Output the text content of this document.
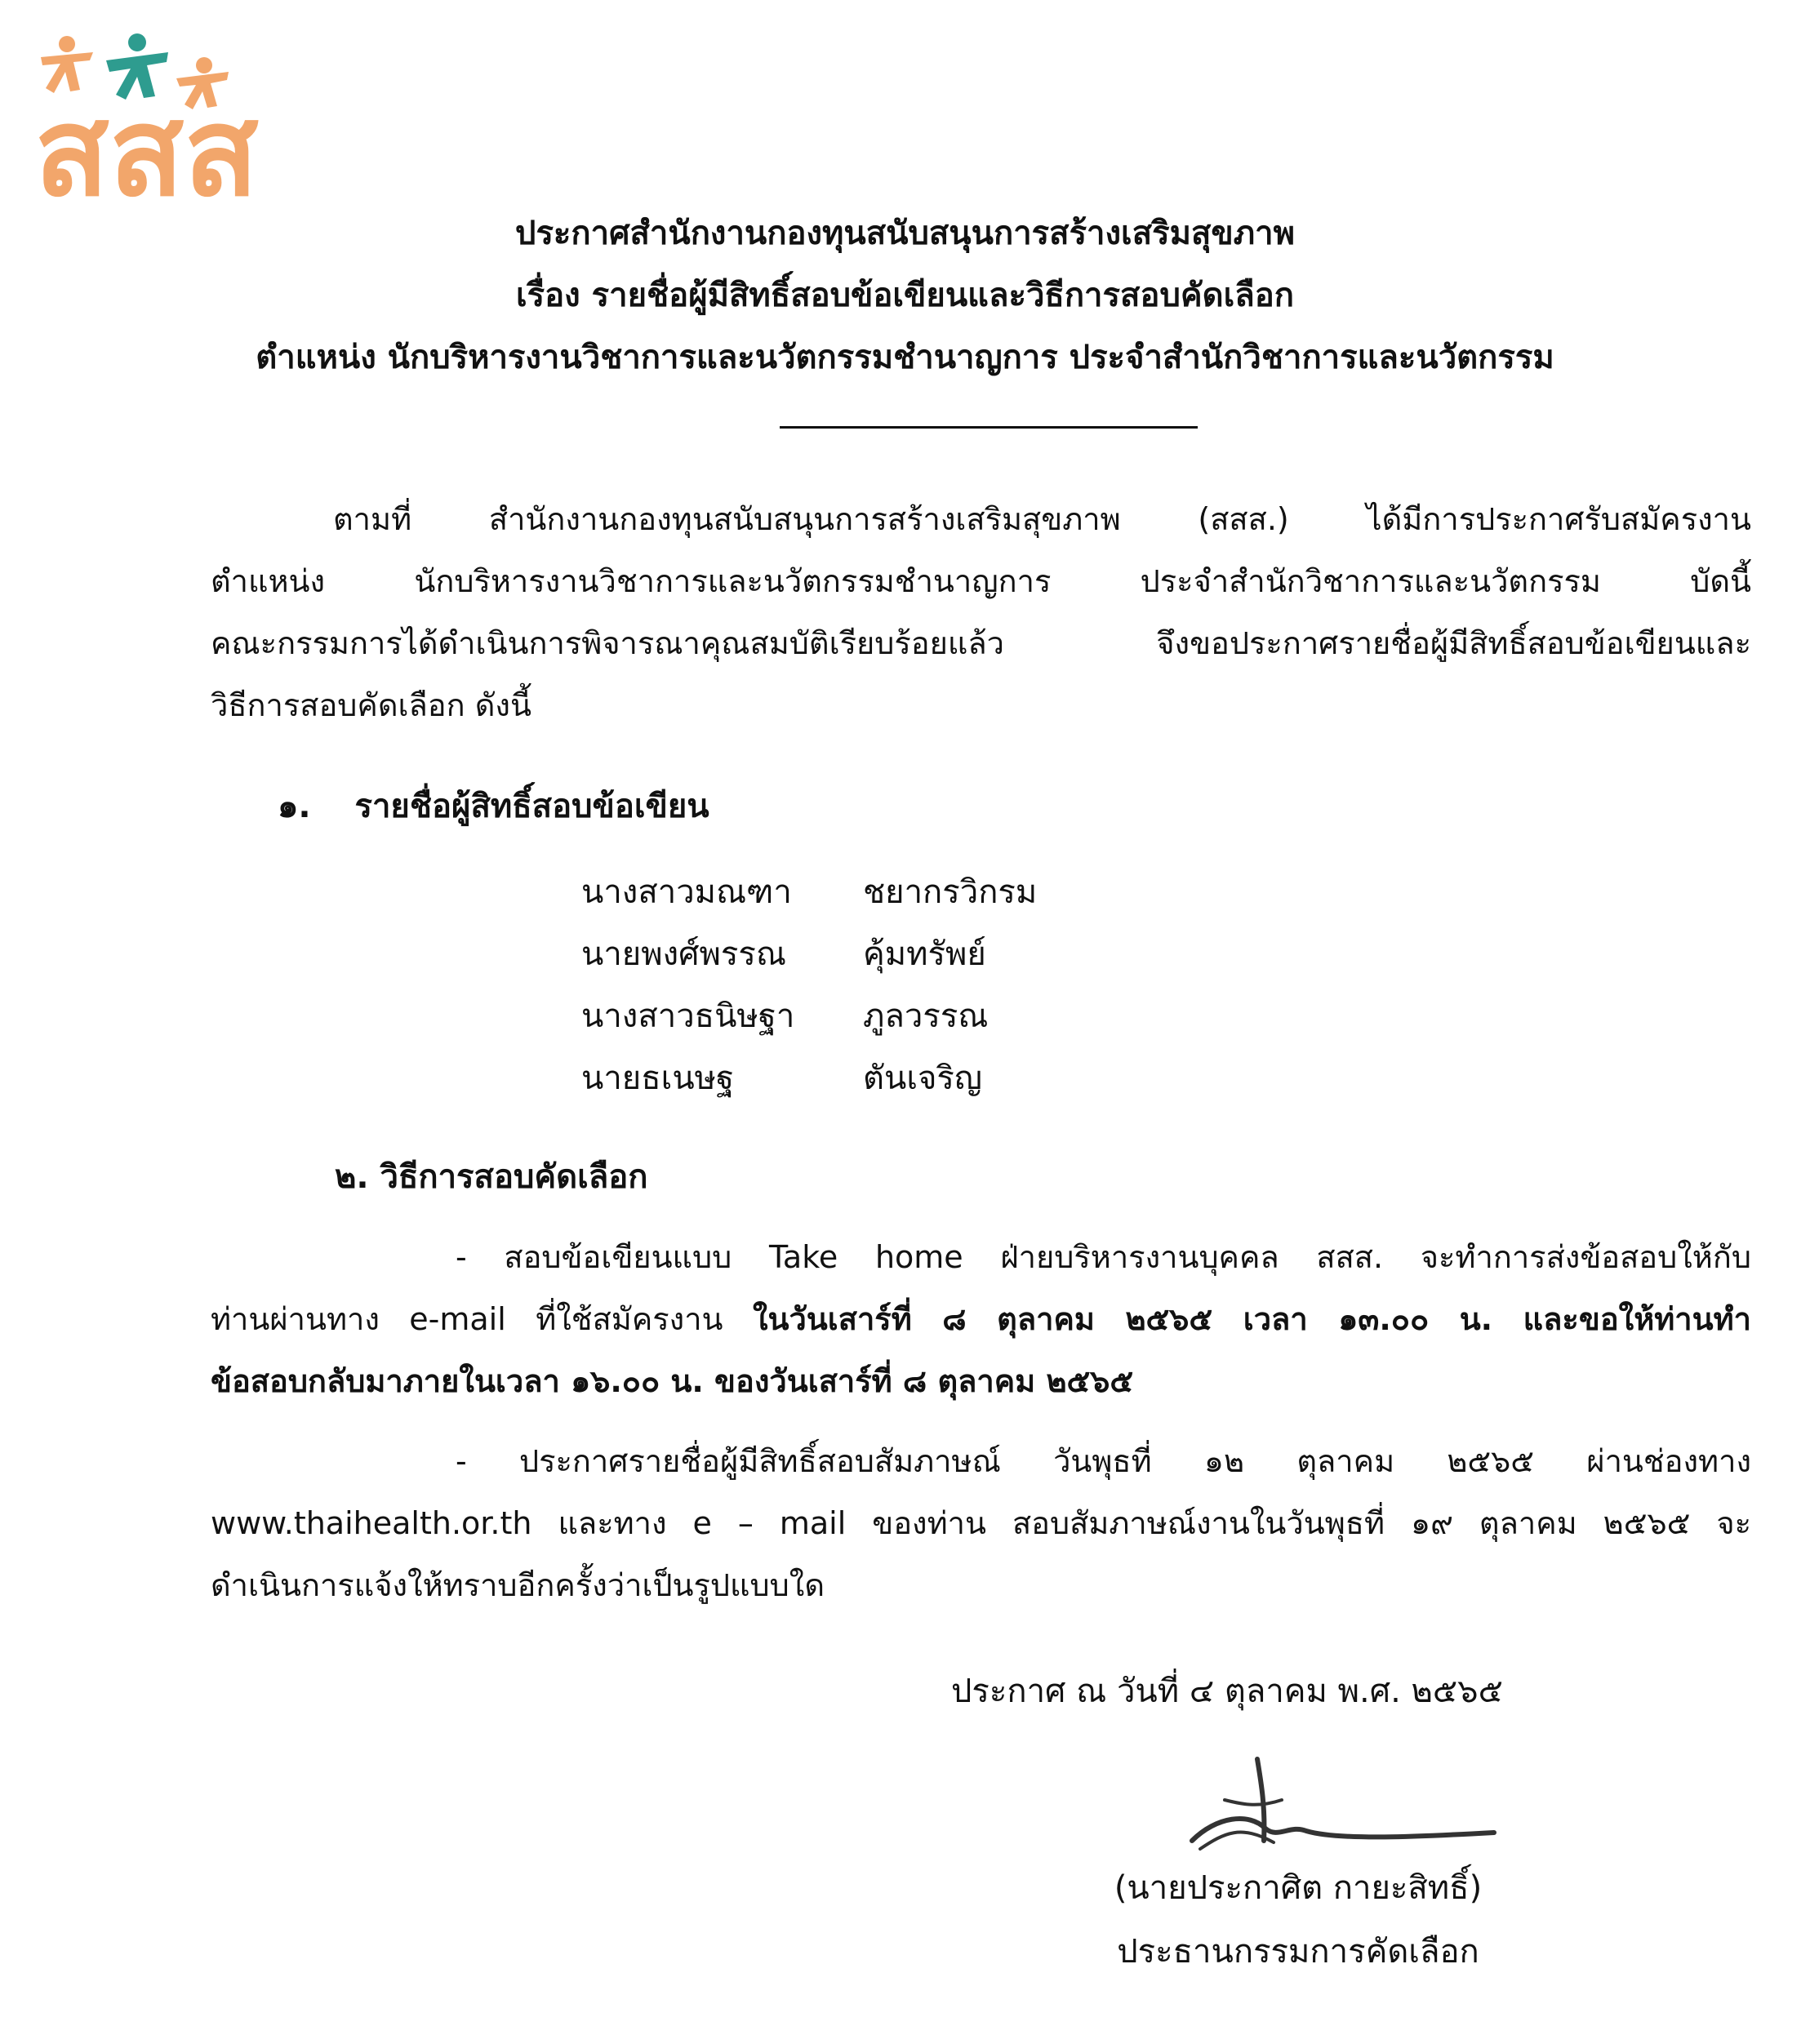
สสส
ประกาศสำนักงานกองทุนสนับสนุนการสร้างเสริมสุขภาพ
เรื่อง รายชื่อผู้มีสิทธิ์สอบข้อเขียนและวิธีการสอบคัดเลือก
ตำแหน่ง นักบริหารงานวิชาการและนวัตกรรมชำนาญการ ประจำสำนักวิชาการและนวัตกรรม
ตามที่ สำนักงานกองทุนสนับสนุนการสร้างเสริมสุขภาพ (สสส.) ได้มีการประกาศรับสมัครงาน
ตำแหน่ง นักบริหารงานวิชาการและนวัตกรรมชำนาญการ ประจำสำนักวิชาการและนวัตกรรม บัดนี้
คณะกรรมการได้ดำเนินการพิจารณาคุณสมบัติเรียบร้อยแล้ว จึงขอประกาศรายชื่อผู้มีสิทธิ์สอบข้อเขียนและ
วิธีการสอบคัดเลือก ดังนี้
๑. รายชื่อผู้สิทธิ์สอบข้อเขียน
นางสาวมณฑา	ชยากรวิกรม
นายพงศ์พรรณ	คุ้มทรัพย์
นางสาวธนิษฐา	ภูลวรรณ
นายธเนษฐ	ตันเจริญ
๒. วิธีการสอบคัดเลือก
- สอบข้อเขียนแบบ Take home ฝ่ายบริหารงานบุคคล สสส. จะทำการส่งข้อสอบให้กับ
ท่านผ่านทาง e-mail ที่ใช้สมัครงาน ในวันเสาร์ที่ ๘ ตุลาคม ๒๕๖๕ เวลา ๑๓.๐๐ น. และขอให้ท่านทำ
ข้อสอบกลับมาภายในเวลา ๑๖.๐๐ น. ของวันเสาร์ที่ ๘ ตุลาคม ๒๕๖๕
- ประกาศรายชื่อผู้มีสิทธิ์สอบสัมภาษณ์ วันพุธที่ ๑๒ ตุลาคม ๒๕๖๕ ผ่านช่องทาง
www.thaihealth.or.th และทาง e – mail ของท่าน สอบสัมภาษณ์งานในวันพุธที่ ๑๙ ตุลาคม ๒๕๖๕ จะ
ดำเนินการแจ้งให้ทราบอีกครั้งว่าเป็นรูปแบบใด
ประกาศ ณ วันที่ ๔ ตุลาคม พ.ศ. ๒๕๖๕
(นายประกาศิต กายะสิทธิ์)
ประธานกรรมการคัดเลือก
